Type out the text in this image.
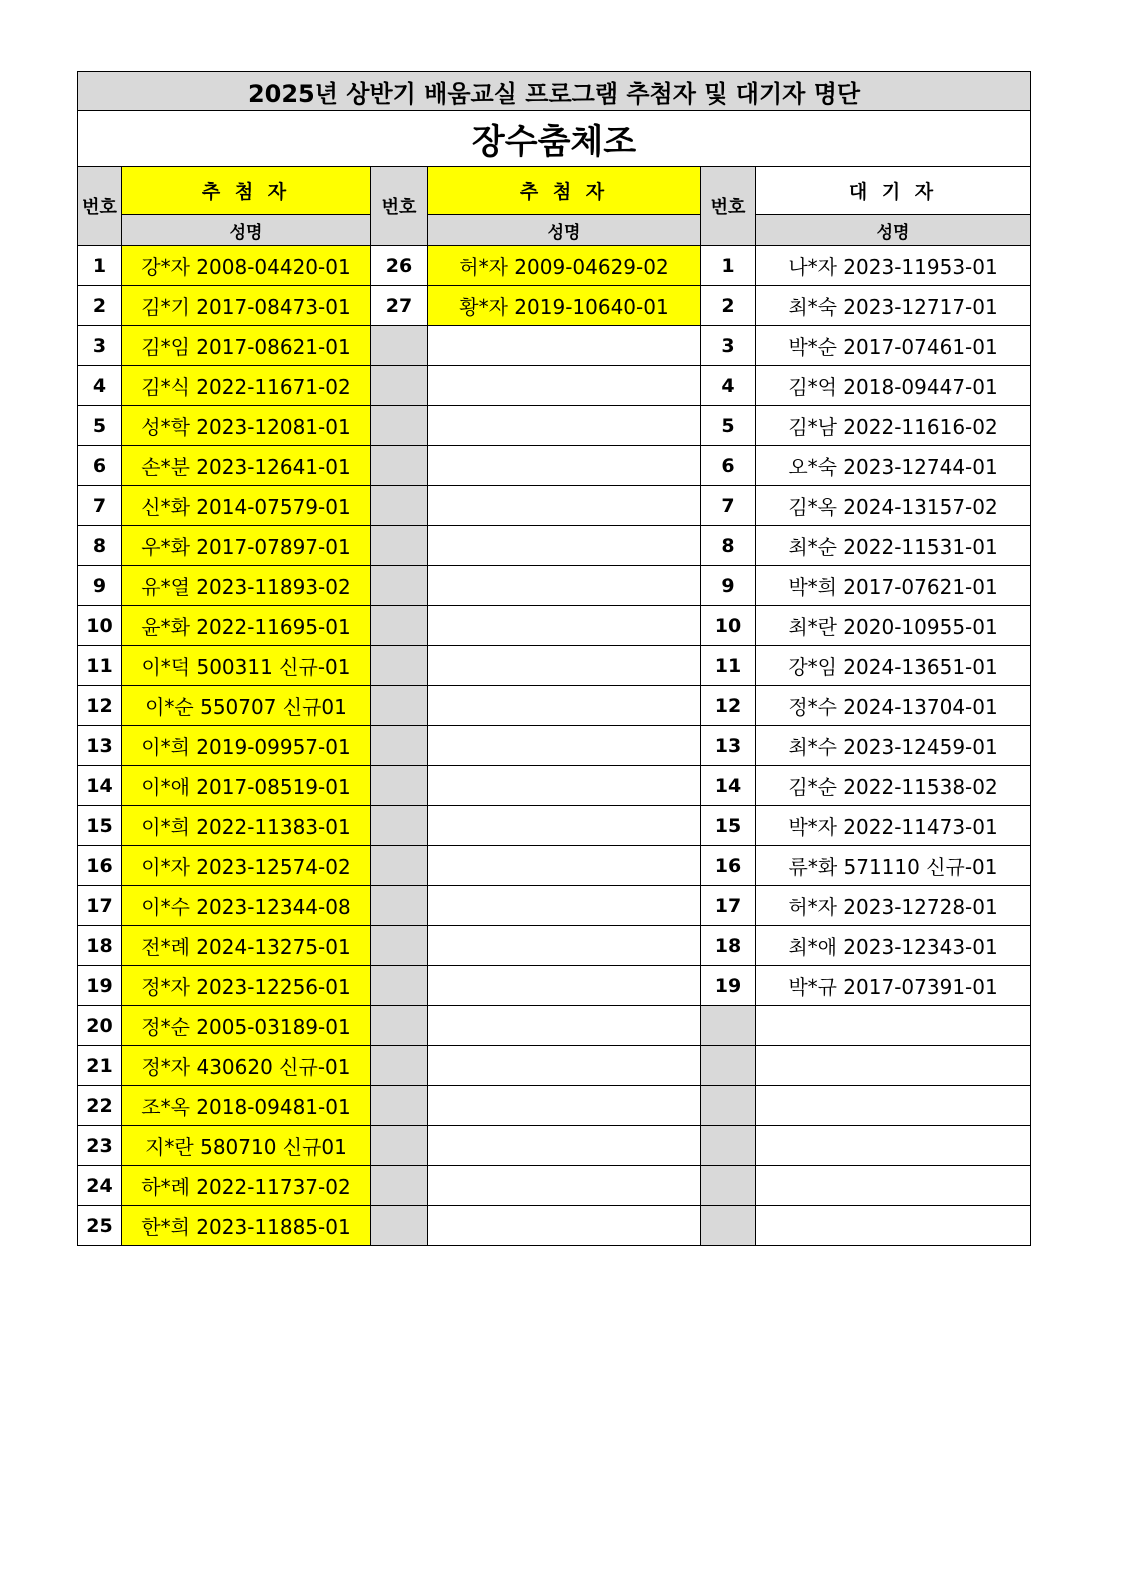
2025년 상반기 배움교실 프로그램 추첨자 및 대기자 명단					
장수춤체조					
번호	추 첨 자	번호	추 첨 자	번호	대 기 자
	성명		성명		성명
1	강*자 2008-04420-01	26	허*자 2009-04629-02	1	나*자 2023-11953-01
2	김*기 2017-08473-01	27	황*자 2019-10640-01	2	최*숙 2023-12717-01
3	김*임 2017-08621-01			3	박*순 2017-07461-01
4	김*식 2022-11671-02			4	김*억 2018-09447-01
5	성*학 2023-12081-01			5	김*남 2022-11616-02
6	손*분 2023-12641-01			6	오*숙 2023-12744-01
7	신*화 2014-07579-01			7	김*옥 2024-13157-02
8	우*화 2017-07897-01			8	최*순 2022-11531-01
9	유*열 2023-11893-02			9	박*희 2017-07621-01
10	윤*화 2022-11695-01			10	최*란 2020-10955-01
11	이*덕 500311 신규-01			11	강*임 2024-13651-01
12	이*순 550707 신규01			12	정*수 2024-13704-01
13	이*희 2019-09957-01			13	최*수 2023-12459-01
14	이*애 2017-08519-01			14	김*순 2022-11538-02
15	이*희 2022-11383-01			15	박*자 2022-11473-01
16	이*자 2023-12574-02			16	류*화 571110 신규-01
17	이*수 2023-12344-08			17	허*자 2023-12728-01
18	전*례 2024-13275-01			18	최*애 2023-12343-01
19	정*자 2023-12256-01			19	박*규 2017-07391-01
20	정*순 2005-03189-01				
21	정*자 430620 신규-01				
22	조*옥 2018-09481-01				
23	지*란 580710 신규01				
24	하*례 2022-11737-02				
25	한*희 2023-11885-01				
